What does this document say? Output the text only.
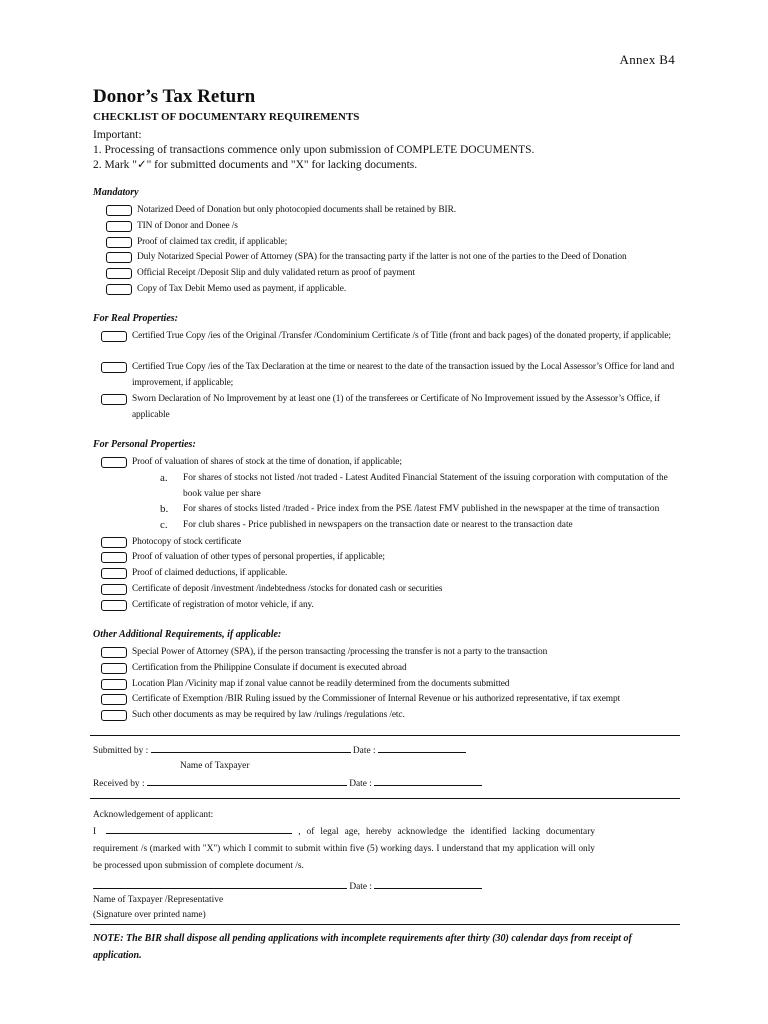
Annex B4
Donor’s Tax Return
CHECKLIST OF DOCUMENTARY REQUIREMENTS
Important:
1. Processing of transactions commence only upon submission of COMPLETE DOCUMENTS.
2. Mark "✓" for submitted documents and "X" for lacking documents.
Mandatory
Notarized Deed of Donation but only photocopied documents shall be retained by BIR.
TIN of Donor and Donee /s
Proof of claimed tax credit, if applicable;
Duly Notarized Special Power of Attorney (SPA) for the transacting party if the latter is not one of the parties to the Deed of Donation
Official Receipt /Deposit Slip and duly validated return as proof of payment
Copy of Tax Debit Memo used as payment, if applicable.
For Real Properties:
Certified True Copy /ies of the Original /Transfer /Condominium Certificate /s of Title (front and back pages) of the donated property, if applicable;
Certified True Copy /ies of the Tax Declaration at the time or nearest to the date of the transaction issued by the Local Assessor’s Office for land and improvement, if applicable;
Sworn Declaration of No Improvement by at least one (1) of the transferees or Certificate of No Improvement issued by the Assessor’s Office, if applicable
For Personal Properties:
Proof of valuation of shares of stock at the time of donation, if applicable;
a.	For shares of stocks not listed /not traded - Latest Audited Financial Statement of the issuing corporation with computation of the book value per share
b.	For shares of stocks listed /traded - Price index from the PSE /latest FMV published in the newspaper at the time of transaction
c.	For club shares - Price published in newspapers on the transaction date or nearest to the transaction date
Photocopy of stock certificate
Proof of valuation of other types of personal properties, if applicable;
Proof of claimed deductions, if applicable.
Certificate of deposit /investment /indebtedness /stocks for donated cash or securities
Certificate of registration of motor vehicle, if any.
Other Additional Requirements, if applicable:
Special Power of Attorney (SPA), if the person transacting /processing the transfer is not a party to the transaction
Certification from the Philippine Consulate if document is executed abroad
Location Plan /Vicinity map if zonal value cannot be readily determined from the documents submitted
Certificate of Exemption /BIR Ruling issued by the Commissioner of Internal Revenue or his authorized representative, if tax exempt
Such other documents as may be required by law /rulings /regulations /etc.
Submitted by :	Date :
Name of Taxpayer
Received by :	Date :
Acknowledgement of applicant:
I	, of legal age, hereby acknowledge the identified lacking documentary requirement /s (marked with "X") which I commit to submit within five (5) working days. I understand that my application will only be processed upon submission of complete document /s.
Date :
Name of Taxpayer /Representative
(Signature over printed name)
NOTE: The BIR shall dispose all pending applications with incomplete requirements after thirty (30) calendar days from receipt of application.
